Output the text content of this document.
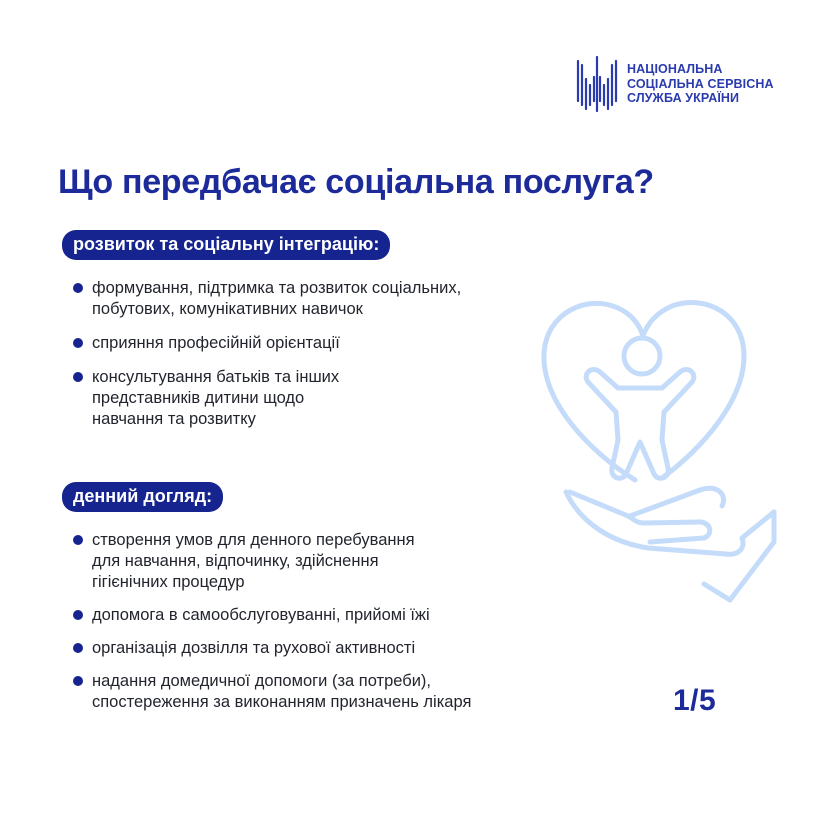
НАЦІОНАЛЬНА
СОЦІАЛЬНА СЕРВІСНА
СЛУЖБА УКРАЇНИ
Що передбачає соціальна послуга?
розвиток та соціальну інтеграцію:
формування, підтримка та розвиток соціальних,
побутових, комунікативних навичок
сприяння професійній орієнтації
консультування батьків та інших
представників дитини щодо
навчання та розвитку
денний догляд:
створення умов для денного перебування
для навчання, відпочинку, здійснення
гігієнічних процедур
допомога в самообслуговуванні, прийомі їжі
організація дозвілля та рухової активності
надання домедичної допомоги (за потреби),
спостереження за виконанням призначень лікаря	1/5
